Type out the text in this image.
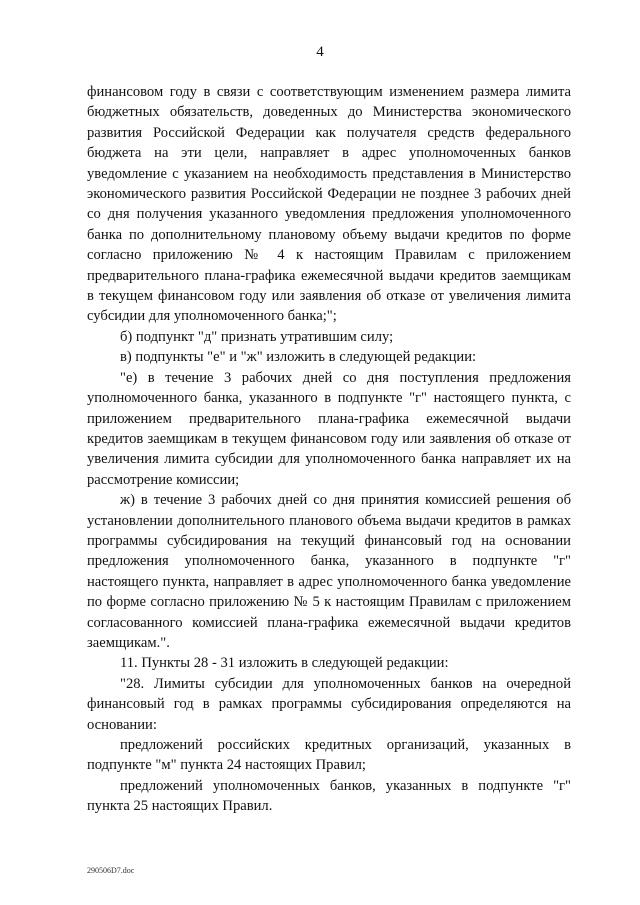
4

финансовом году в связи с соответствующим изменением размера лимита бюджетных обязательств, доведенных до Министерства экономического развития Российской Федерации как получателя средств федерального бюджета на эти цели, направляет в адрес уполномоченных банков уведомление с указанием на необходимость представления в Министерство экономического развития Российской Федерации не позднее 3 рабочих дней со дня получения указанного уведомления предложения уполномоченного банка по дополнительному плановому объему выдачи кредитов по форме согласно приложению № 4 к настоящим Правилам с приложением предварительного плана-графика ежемесячной выдачи кредитов заемщикам в текущем финансовом году или заявления об отказе от увеличения лимита субсидии для уполномоченного банка;";

б) подпункт "д" признать утратившим силу;

в) подпункты "е" и "ж" изложить в следующей редакции:

"е) в течение 3 рабочих дней со дня поступления предложения уполномоченного банка, указанного в подпункте "г" настоящего пункта, с приложением предварительного плана-графика ежемесячной выдачи кредитов заемщикам в текущем финансовом году или заявления об отказе от увеличения лимита субсидии для уполномоченного банка направляет их на рассмотрение комиссии;

ж) в течение 3 рабочих дней со дня принятия комиссией решения об установлении дополнительного планового объема выдачи кредитов в рамках программы субсидирования на текущий финансовый год на основании предложения уполномоченного банка, указанного в подпункте "г" настоящего пункта, направляет в адрес уполномоченного банка уведомление по форме согласно приложению № 5 к настоящим Правилам с приложением согласованного комиссией плана-графика ежемесячной выдачи кредитов заемщикам.".

11. Пункты 28 - 31 изложить в следующей редакции:

"28. Лимиты субсидии для уполномоченных банков на очередной финансовый год в рамках программы субсидирования определяются на основании:

предложений российских кредитных организаций, указанных в подпункте "м" пункта 24 настоящих Правил;

предложений уполномоченных банков, указанных в подпункте "г" пункта 25 настоящих Правил.

290506D7.doc
